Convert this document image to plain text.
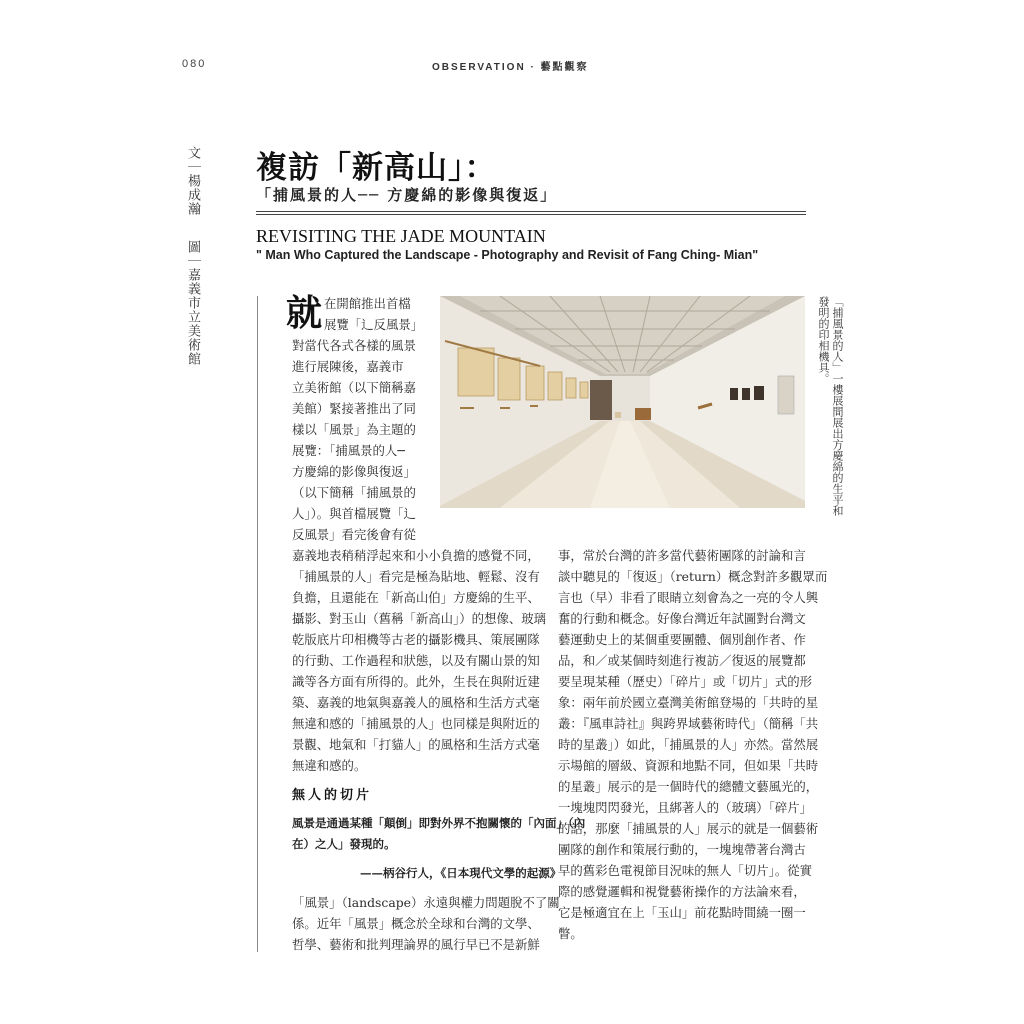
080	OBSERVATION · 藝點觀察
文｜楊成瀚 　 圖｜嘉義市立美術館
複訪「新高山」：
「捕風景的人── 方慶綿的影像與復返」
REVISITING THE JADE MOUNTAIN
" Man Who Captured the Landscape - Photography and Revisit of Fang Ching- Mian"
就 在開館推出首檔
展覽「辶反風景」
對當代各式各樣的風景
進行展陳後，嘉義市
立美術館（以下簡稱嘉
美館）緊接著推出了同
樣以「風景」為主題的
展覽：「捕風景的人─
方慶綿的影像與復返」
（以下簡稱「捕風景的
人」）。與首檔展覽「辶
反風景」看完後會有從
嘉義地表稍稍浮起來和小小負擔的感覺不同，
「捕風景的人」看完是極為貼地、輕鬆、沒有
負擔，且還能在「新高山伯」方慶綿的生平、
攝影、對玉山（舊稱「新高山」）的想像、玻璃
乾版底片印相機等古老的攝影機具、策展團隊
的行動、工作過程和狀態，以及有關山景的知
識等各方面有所得的。此外，生長在與附近建
築、嘉義的地氣與嘉義人的風格和生活方式毫
無違和感的「捕風景的人」也同樣是與附近的
景觀、地氣和「打貓人」的風格和生活方式毫
無違和感的。
無人的切片
風景是通過某種「顛倒」即對外界不抱關懷的「內面」（內
在）之人」發現的。
——柄谷行人，《日本現代文學的起源》
「風景」（landscape）永遠與權力問題脫不了關
係。近年「風景」概念於全球和台灣的文學、
哲學、藝術和批判理論界的風行早已不是新鮮
事，常於台灣的許多當代藝術團隊的討論和言
談中聽見的「復返」（return）概念對許多觀眾而
言也（早）非看了眼睛立刻會為之一亮的令人興
奮的行動和概念。好像台灣近年試圖對台灣文
藝運動史上的某個重要團體、個別創作者、作
品，和／或某個時刻進行複訪／復返的展覽都
要呈現某種（歷史）「碎片」或「切片」式的形
象：兩年前於國立臺灣美術館登場的「共時的星
叢：『風車詩社』與跨界域藝術時代」（簡稱「共
時的星叢」）如此，「捕風景的人」亦然。當然展
示場館的層級、資源和地點不同，但如果「共時
的星叢」展示的是一個時代的總體文藝風光的，
一塊塊閃閃發光，且綁著人的（玻璃）「碎片」
的話，那麼「捕風景的人」展示的就是一個藝術
團隊的創作和策展行動的，一塊塊帶著台灣古
早的舊彩色電視節目況味的無人「切片」。從實
際的感覺邏輯和視覺藝術操作的方法論來看，
它是極適宜在上「玉山」前花點時間繞一圈一
瞥。
「捕風景的人」一樓展間展出方慶綿的生平和發明的印相機具。
